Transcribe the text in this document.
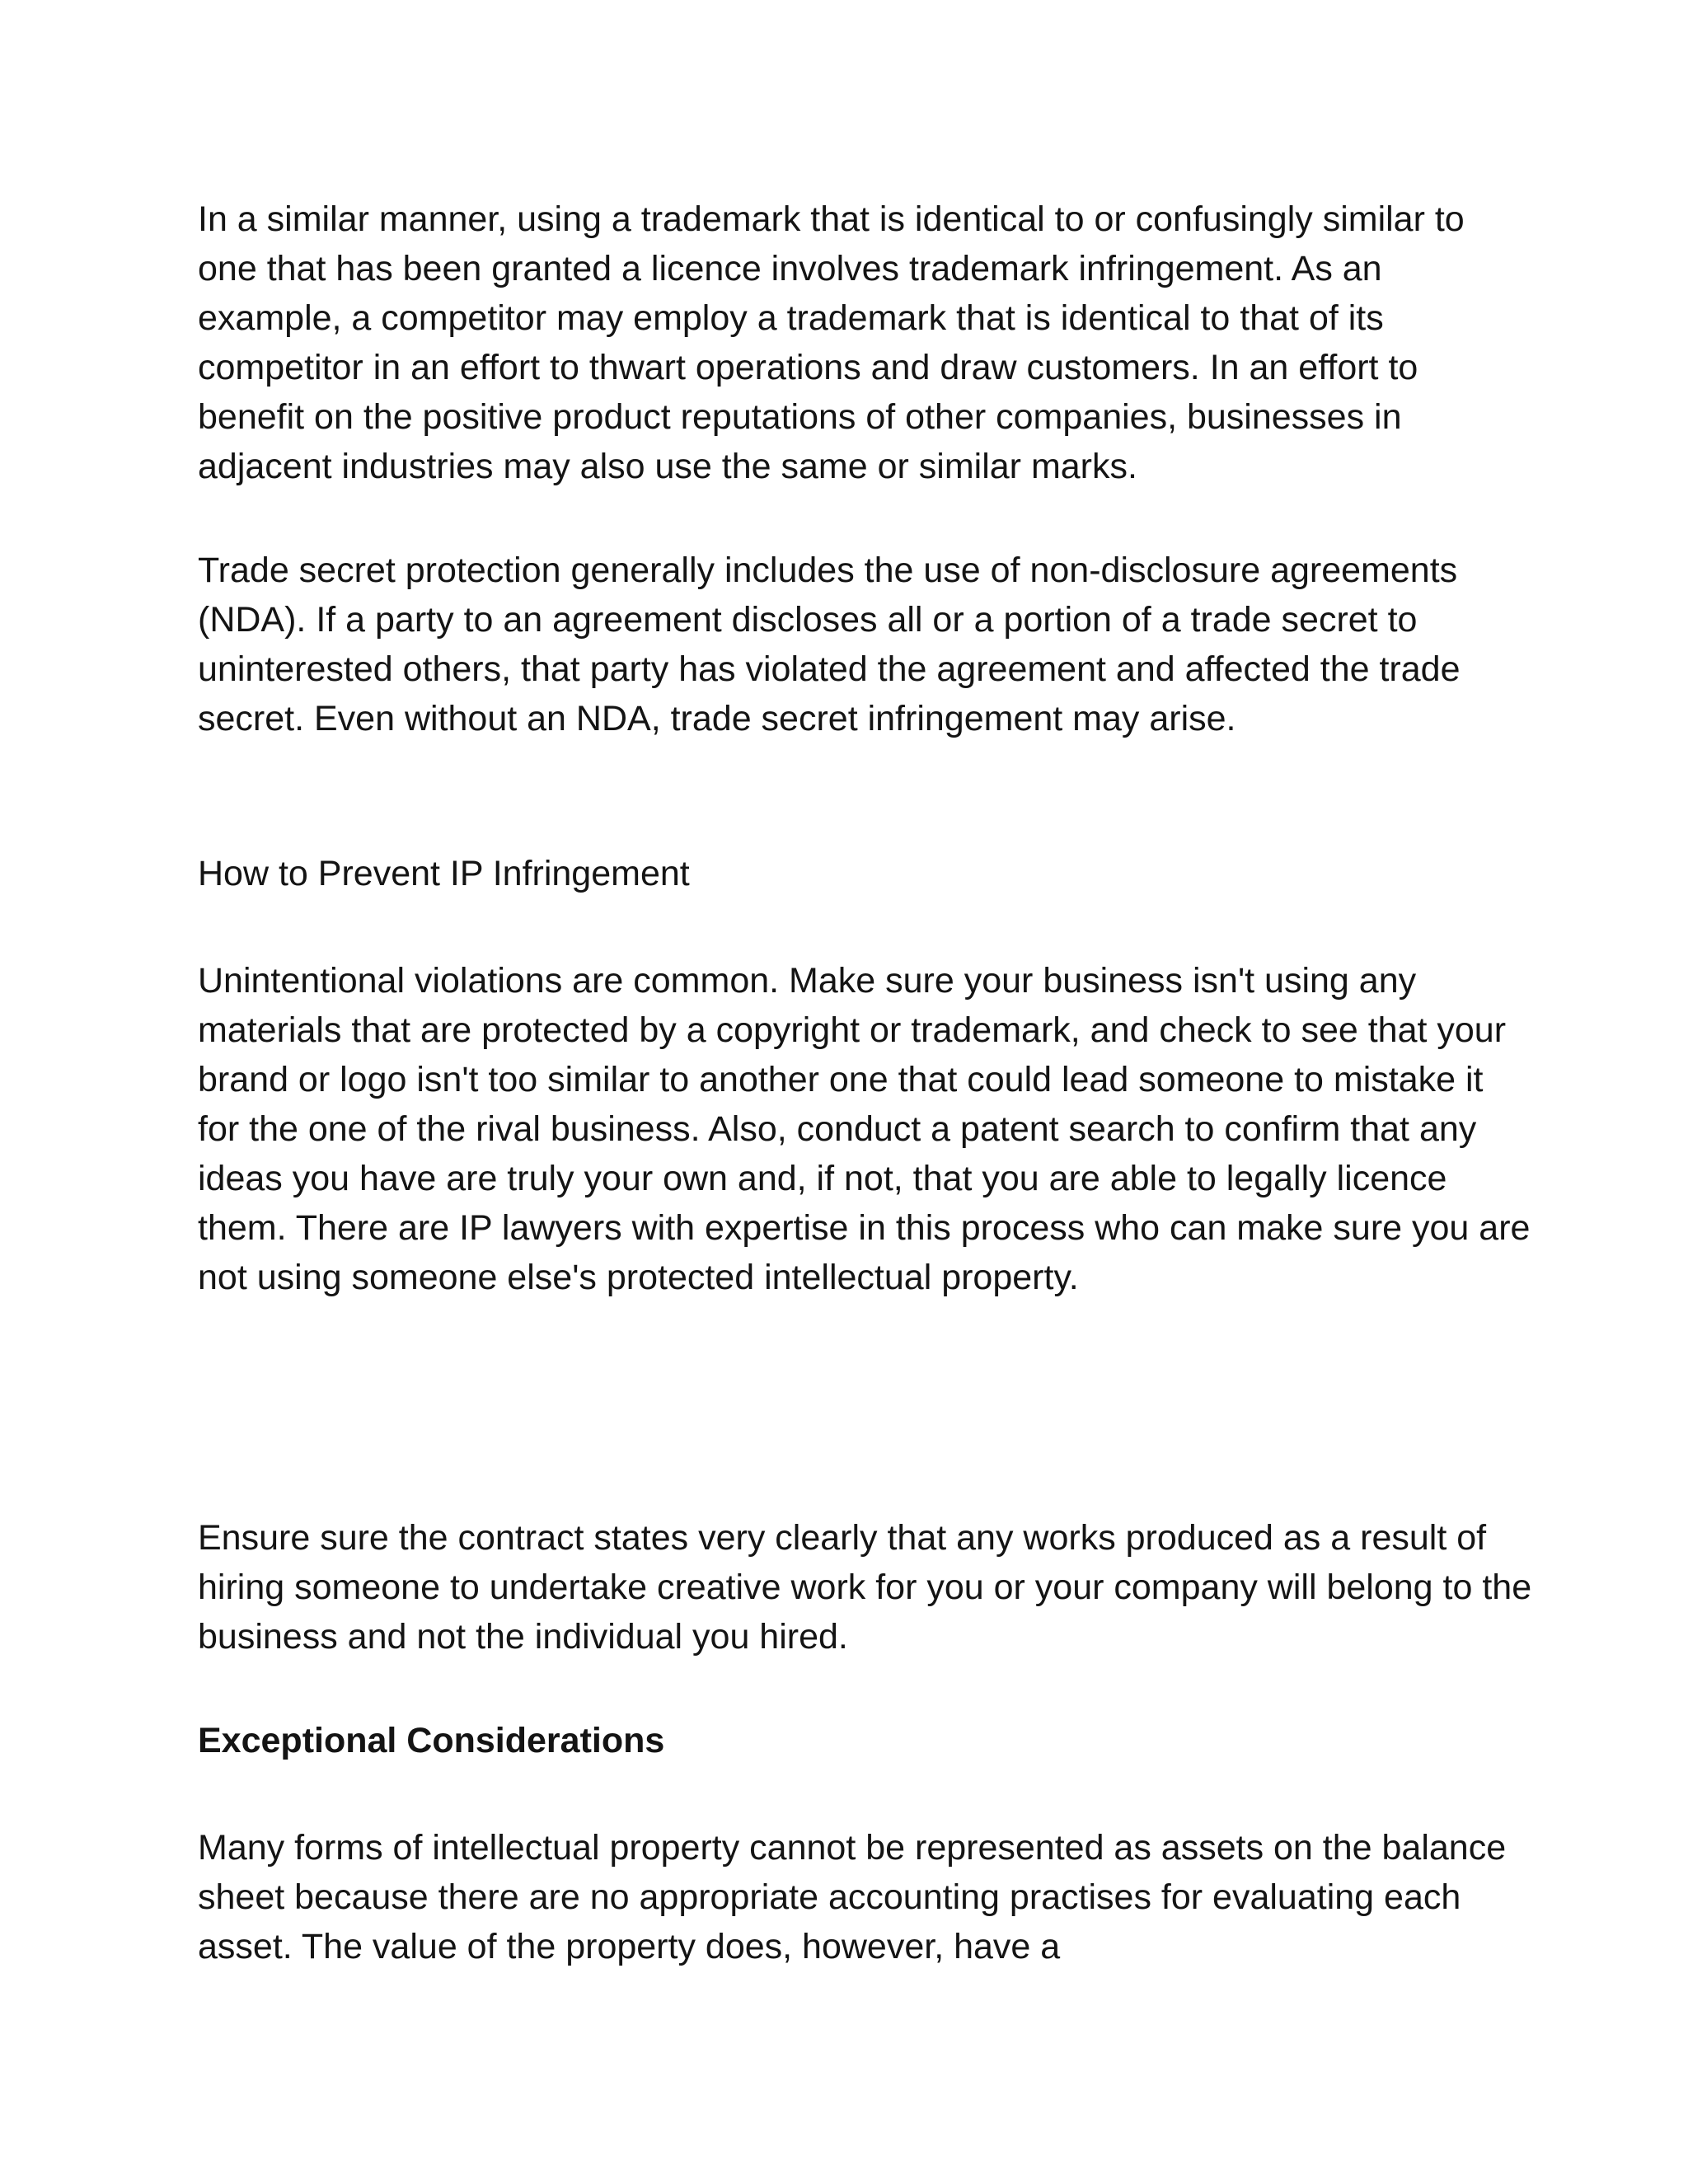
In a similar manner, using a trademark that is identical to or confusingly similar to one that has been granted a licence involves trademark infringement. As an example, a competitor may employ a trademark that is identical to that of its competitor in an effort to thwart operations and draw customers. In an effort to benefit on the positive product reputations of other companies, businesses in adjacent industries may also use the same or similar marks.

Trade secret protection generally includes the use of non-disclosure agreements (NDA). If a party to an agreement discloses all or a portion of a trade secret to uninterested others, that party has violated the agreement and affected the trade secret. Even without an NDA, trade secret infringement may arise.

How to Prevent IP Infringement

Unintentional violations are common. Make sure your business isn't using any materials that are protected by a copyright or trademark, and check to see that your brand or logo isn't too similar to another one that could lead someone to mistake it for the one of the rival business. Also, conduct a patent search to confirm that any ideas you have are truly your own and, if not, that you are able to legally licence them. There are IP lawyers with expertise in this process who can make sure you are not using someone else's protected intellectual property.

Ensure sure the contract states very clearly that any works produced as a result of hiring someone to undertake creative work for you or your company will belong to the business and not the individual you hired.

Exceptional Considerations

Many forms of intellectual property cannot be represented as assets on the balance sheet because there are no appropriate accounting practises for evaluating each asset. The value of the property does, however, have a
